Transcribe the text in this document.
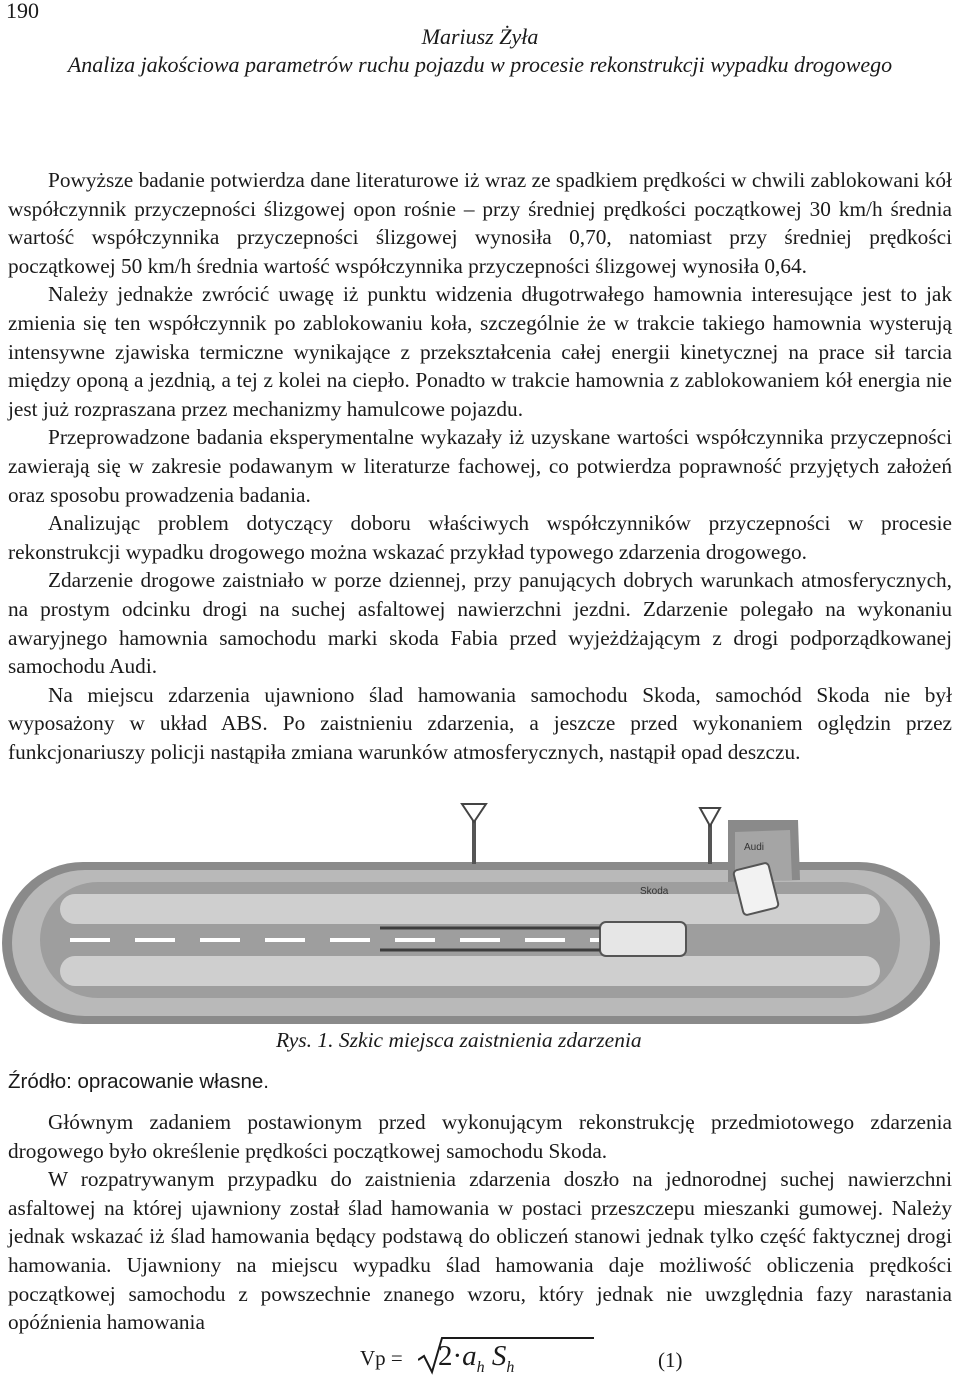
190
Mariusz Żyła
Analiza jakościowa parametrów ruchu pojazdu w procesie rekonstrukcji wypadku drogowego

Powyższe badanie potwierdza dane literaturowe iż wraz ze spadkiem prędkości w chwili zablokowani kół współczynnik przyczepności ślizgowej opon rośnie – przy średniej prędkości początkowej 30 km/h średnia wartość współczynnika przyczepności ślizgowej wynosiła 0,70, natomiast przy średniej prędkości początkowej 50 km/h średnia wartość współczynnika przyczepności ślizgowej wynosiła 0,64.

Należy jednakże zwrócić uwagę iż punktu widzenia długotrwałego hamownia interesujące jest to jak zmienia się ten współczynnik po zablokowaniu koła, szczególnie że w trakcie takiego hamownia wysterują intensywne zjawiska termiczne wynikające z przekształcenia całej energii kinetycznej na prace sił tarcia między oponą a jezdnią, a tej z kolei na ciepło. Ponadto w trakcie hamownia z zablokowaniem kół energia nie jest już rozpraszana przez mechanizmy hamulcowe pojazdu.

Przeprowadzone badania eksperymentalne wykazały iż uzyskane wartości współczynnika przyczepności zawierają się w zakresie podawanym w literaturze fachowej, co potwierdza poprawność przyjętych założeń oraz sposobu prowadzenia badania.

Analizując problem dotyczący doboru właściwych współczynników przyczepności w procesie rekonstrukcji wypadku drogowego można wskazać przykład typowego zdarzenia drogowego.

Zdarzenie drogowe zaistniało w porze dziennej, przy panujących dobrych warunkach atmosferycznych, na prostym odcinku drogi na suchej asfaltowej nawierzchni jezdni. Zdarzenie polegało na wykonaniu awaryjnego hamownia samochodu marki skoda Fabia przed wyjeżdżającym z drogi podporządkowanej samochodu Audi.

Na miejscu zdarzenia ujawniono ślad hamowania samochodu Skoda, samochód Skoda nie był wyposażony w układ ABS. Po zaistnieniu zdarzenia, a jeszcze przed wykonaniem oględzin przez funkcjonariuszy policji nastąpiła zmiana warunków atmosferycznych, nastąpił opad deszczu.

Audi
Skoda
Rys. 1. Szkic miejsca zaistnienia zdarzenia
Źródło: opracowanie własne.

Głównym zadaniem postawionym przed wykonującym rekonstrukcję przedmiotowego zdarzenia drogowego było określenie prędkości początkowej samochodu Skoda.

W rozpatrywanym przypadku do zaistnienia zdarzenia doszło na jednorodnej suchej nawierzchni asfaltowej na której ujawniony został ślad hamowania w postaci przeszczepu mieszanki gumowej. Należy jednak wskazać iż ślad hamowania będący podstawą do obliczeń stanowi jednak tylko część faktycznej drogi hamowania. Ujawniony na miejscu wypadku ślad hamowania daje możliwość obliczenia prędkości początkowej samochodu z powszechnie znanego wzoru, który jednak nie uwzględnia fazy narastania opóźnienia hamowania

$Vp = 2\cdot a_h$ $S_h$	(1)
